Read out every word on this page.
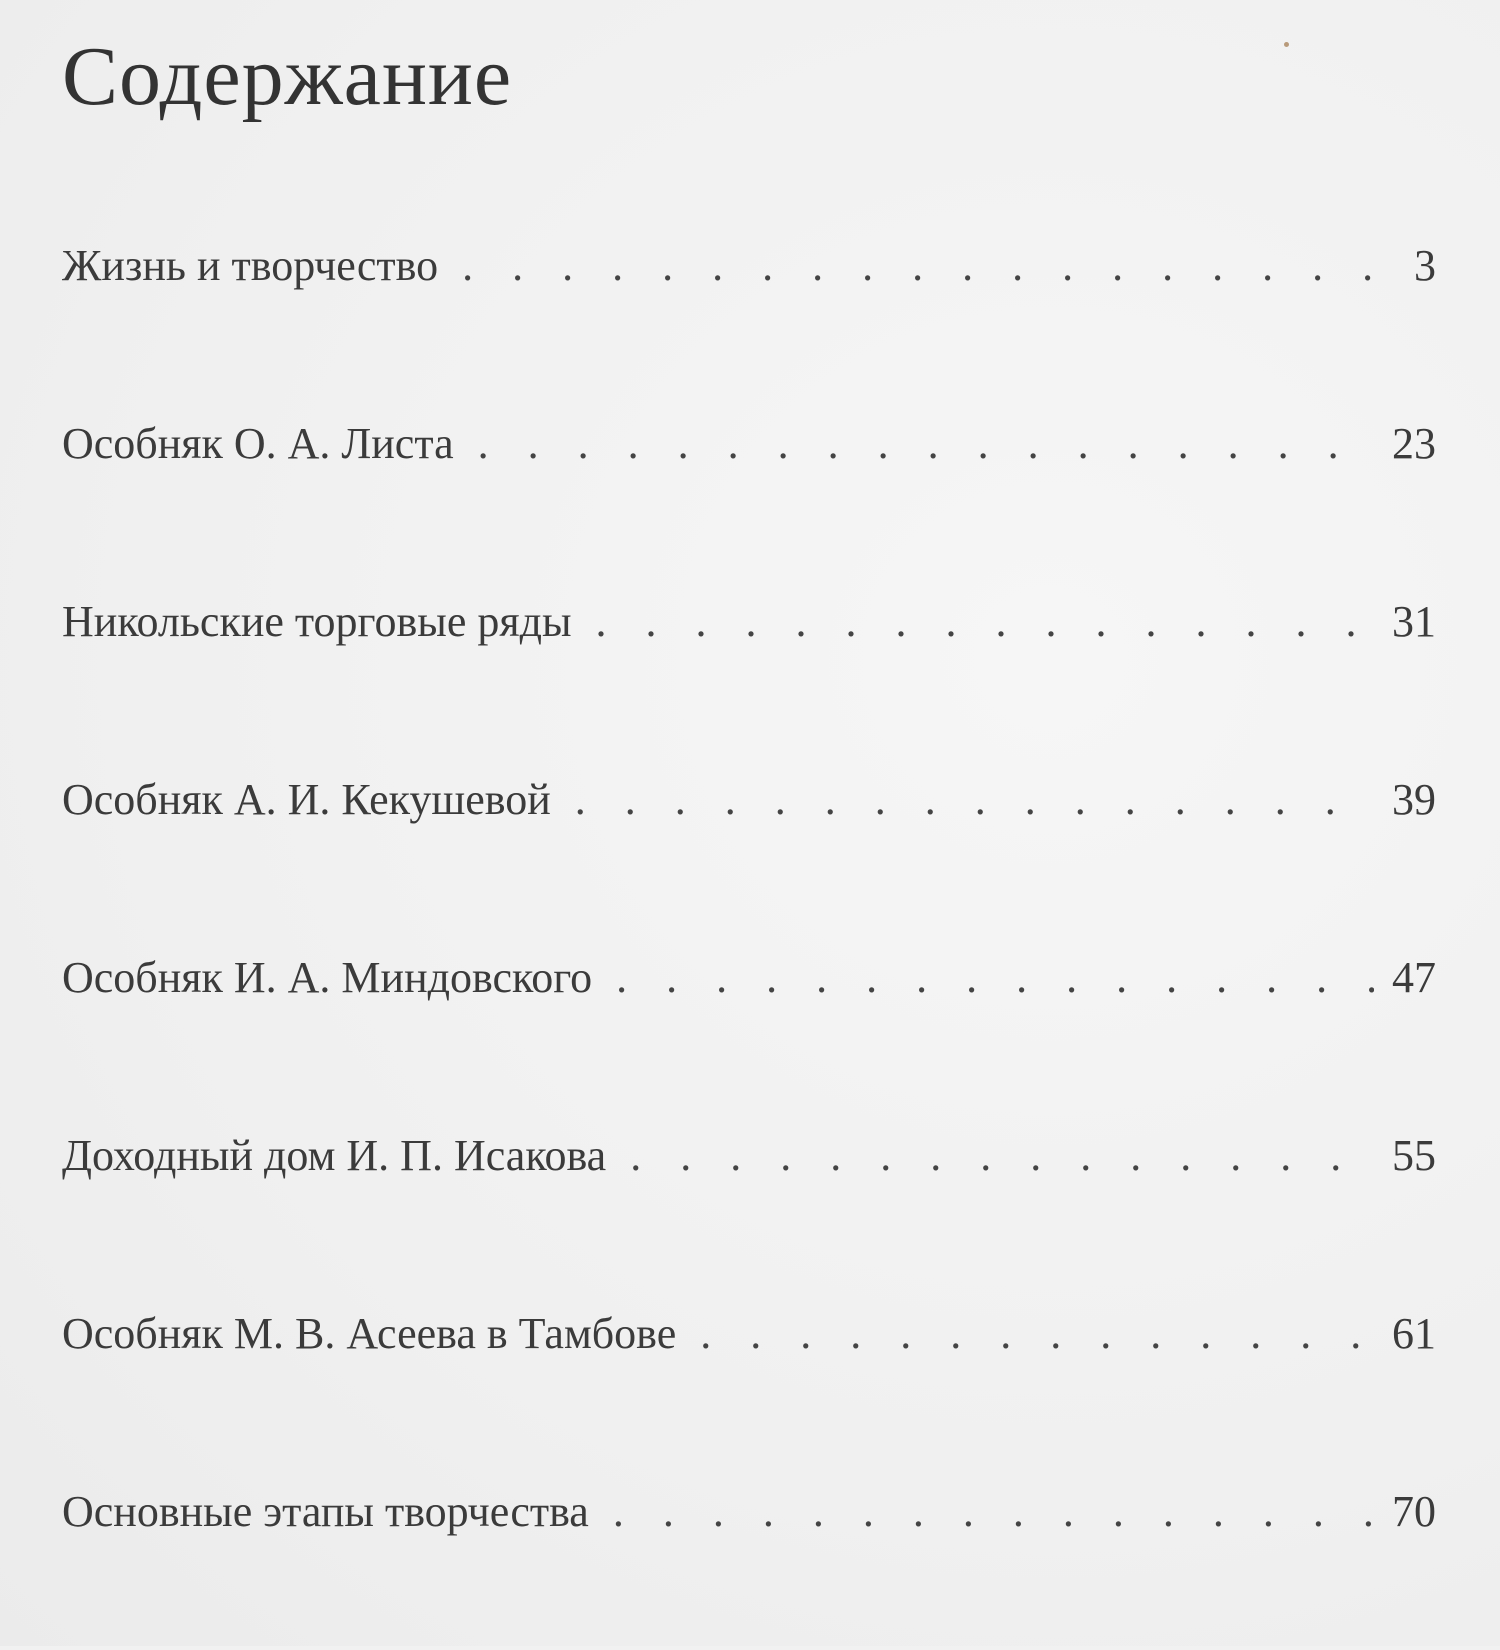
Содержание
Жизнь и творчество . . .	3
Особняк О. А. Листа . . .	23
Никольские торговые ряды . . .	31
Особняк А. И. Кекушевой . . .	39
Особняк И. А. Миндовского . . .	47
Доходный дом И. П. Исакова . . .	55
Особняк М. В. Асеева в Тамбове . . .	61
Основные этапы творчества . . .	70
